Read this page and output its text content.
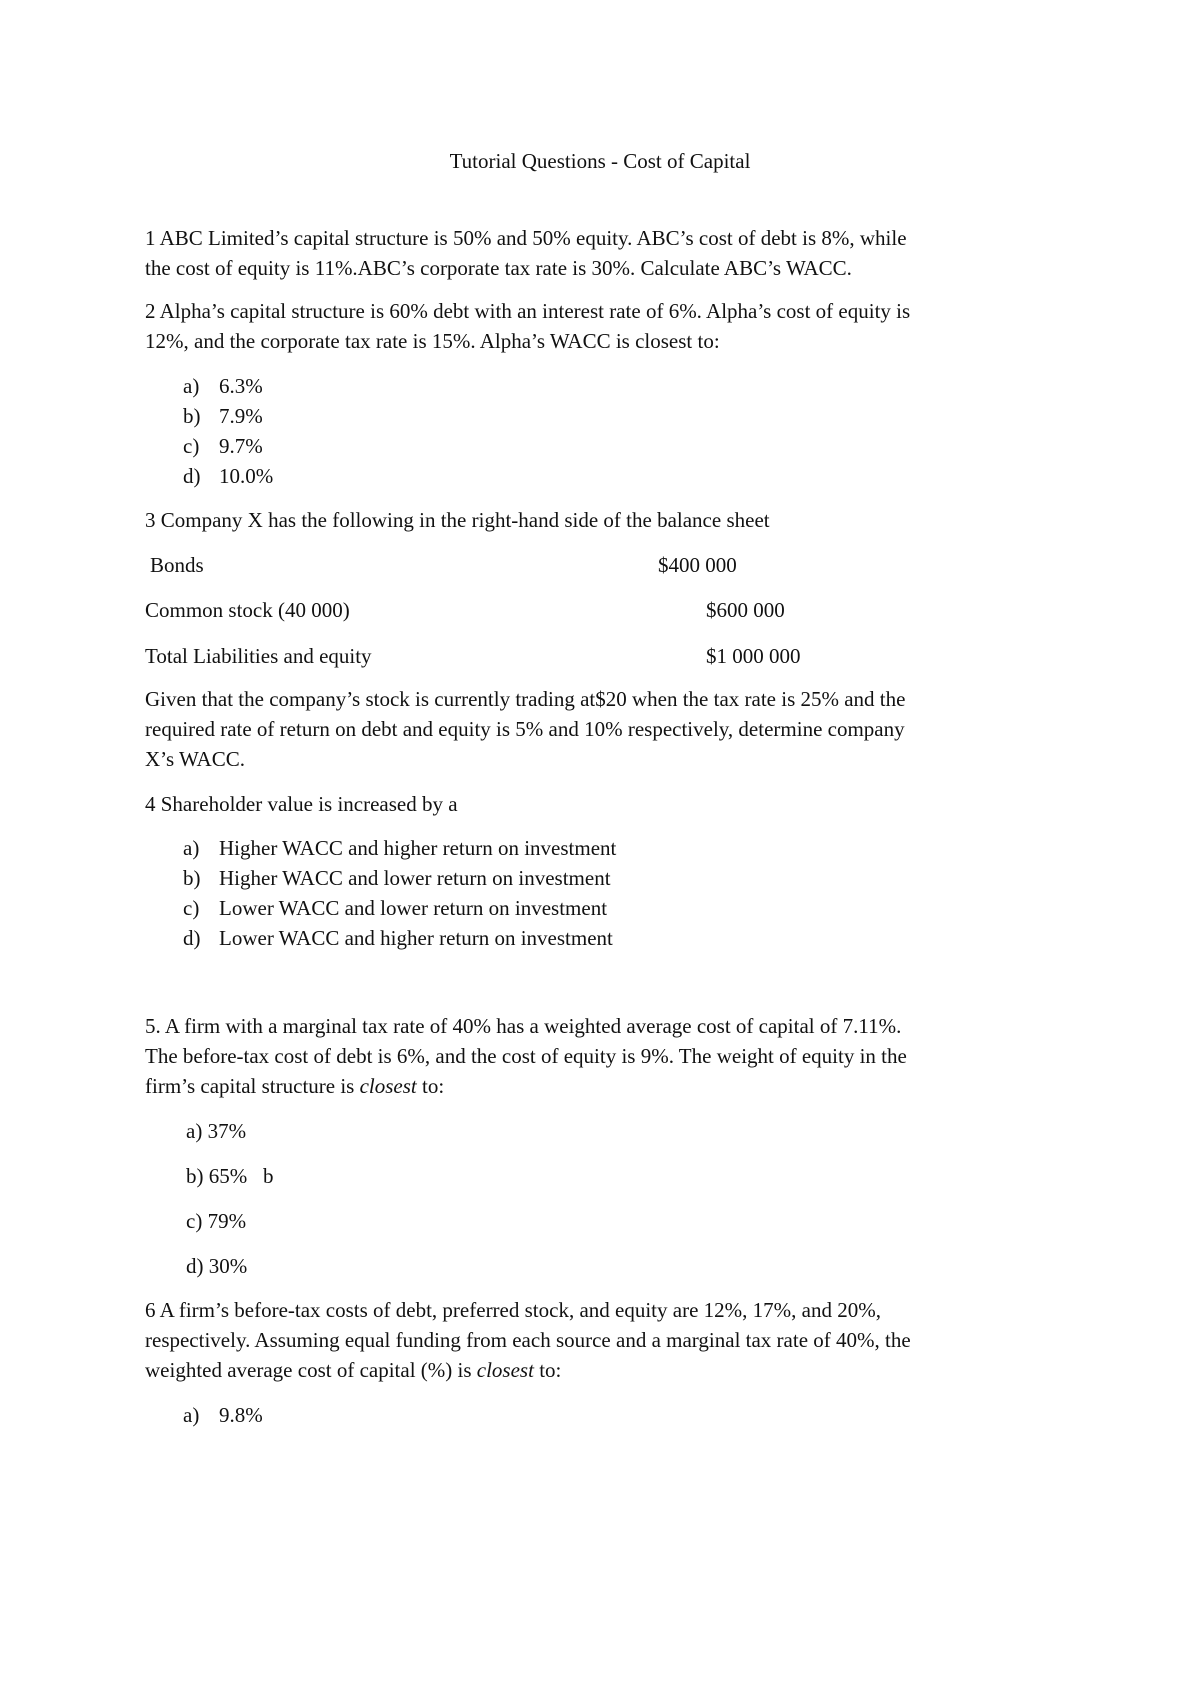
Tutorial Questions - Cost of Capital
1 ABC Limited’s capital structure is 50% and 50% equity. ABC’s cost of debt is 8%, while
the cost of equity is 11%.ABC’s corporate tax rate is 30%. Calculate ABC’s WACC.
2 Alpha’s capital structure is 60% debt with an interest rate of 6%. Alpha’s cost of equity is
12%, and the corporate tax rate is 15%. Alpha’s WACC is closest to:
a) 6.3%
b) 7.9%
c) 9.7%
d) 10.0%
3 Company X has the following in the right-hand side of the balance sheet
Bonds	$400 000
Common stock (40 000)	$600 000
Total Liabilities and equity	$1 000 000
Given that the company’s stock is currently trading at$20 when the tax rate is 25% and the
required rate of return on debt and equity is 5% and 10% respectively, determine company
X’s WACC.
4 Shareholder value is increased by a
a) Higher WACC and higher return on investment
b) Higher WACC and lower return on investment
c) Lower WACC and lower return on investment
d) Lower WACC and higher return on investment
5. A firm with a marginal tax rate of 40% has a weighted average cost of capital of 7.11%.
The before-tax cost of debt is 6%, and the cost of equity is 9%. The weight of equity in the
firm’s capital structure is closest to:
a) 37%
b) 65%   b
c) 79%
d) 30%
6 A firm’s before-tax costs of debt, preferred stock, and equity are 12%, 17%, and 20%,
respectively. Assuming equal funding from each source and a marginal tax rate of 40%, the
weighted average cost of capital (%) is closest to:
a) 9.8%
